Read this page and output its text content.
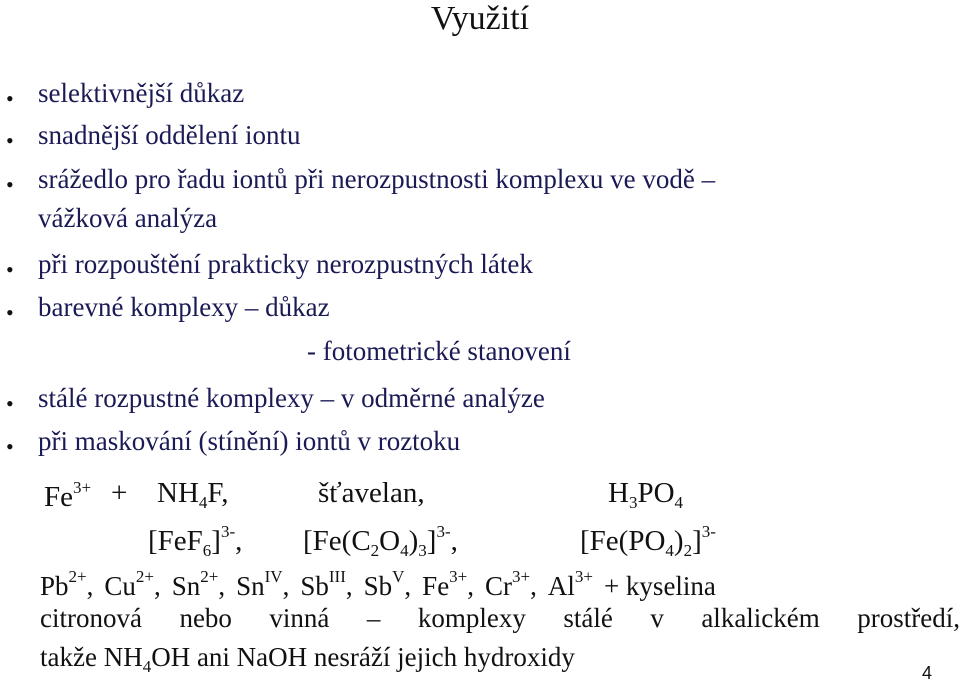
Využití
• selektivnější důkaz
• snadnější oddělení iontu
• srážedlo pro řadu iontů při nerozpustnosti komplexu ve vodě –
vážková analýza
• při rozpouštění prakticky nerozpustných látek
• barevné komplexy – důkaz
- fotometrické stanovení
• stálé rozpustné komplexy – v odměrné analýze
• při maskování (stínění) iontů v roztoku
$Fe^{3+} + NH_4F$,	šťavelan,	$H_3PO_4$
$[FeF_6]^{3-}$, $[Fe(C_2O_4)_3]^{3-}$,	$[Fe(PO_4)_2]^{3-}$
$Pb^{2+}$, $Cu^{2+}$, $Sn^{2+}$, $Sn^{IV}$, $Sb^{III}$, $Sb^V$, $Fe^{3+}$, $Cr^{3+}$, $Al^{3+}$ + kyselina
citronová nebo vinná – komplexy stálé v alkalickém prostředí,
takže $NH_4OH$ ani NaOH nesráží jejich hydroxidy
4
